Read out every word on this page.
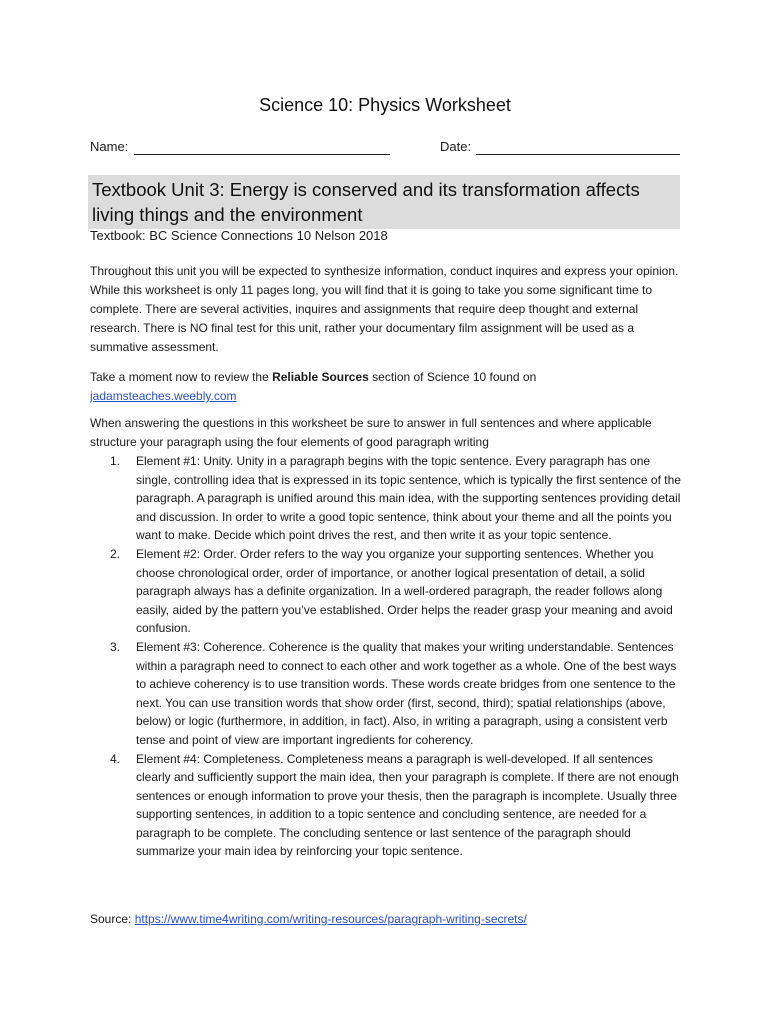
Science 10: Physics Worksheet
Name:	Date:
Textbook Unit 3: Energy is conserved and its transformation affects living things and the environment
Textbook: BC Science Connections 10 Nelson 2018
Throughout this unit you will be expected to synthesize information, conduct inquires and express your opinion. While this worksheet is only 11 pages long, you will find that it is going to take you some significant time to complete. There are several activities, inquires and assignments that require deep thought and external research. There is NO final test for this unit, rather your documentary film assignment will be used as a summative assessment.
Take a moment now to review the Reliable Sources section of Science 10 found on
jadamsteaches.weebly.com
When answering the questions in this worksheet be sure to answer in full sentences and where applicable structure your paragraph using the four elements of good paragraph writing
1. Element #1: Unity. Unity in a paragraph begins with the topic sentence. Every paragraph has one single, controlling idea that is expressed in its topic sentence, which is typically the first sentence of the paragraph. A paragraph is unified around this main idea, with the supporting sentences providing detail and discussion. In order to write a good topic sentence, think about your theme and all the points you want to make. Decide which point drives the rest, and then write it as your topic sentence.
2. Element #2: Order. Order refers to the way you organize your supporting sentences. Whether you choose chronological order, order of importance, or another logical presentation of detail, a solid paragraph always has a definite organization. In a well-ordered paragraph, the reader follows along easily, aided by the pattern you’ve established. Order helps the reader grasp your meaning and avoid confusion.
3. Element #3: Coherence. Coherence is the quality that makes your writing understandable. Sentences within a paragraph need to connect to each other and work together as a whole. One of the best ways to achieve coherency is to use transition words. These words create bridges from one sentence to the next. You can use transition words that show order (first, second, third); spatial relationships (above, below) or logic (furthermore, in addition, in fact). Also, in writing a paragraph, using a consistent verb tense and point of view are important ingredients for coherency.
4. Element #4: Completeness. Completeness means a paragraph is well-developed. If all sentences clearly and sufficiently support the main idea, then your paragraph is complete. If there are not enough sentences or enough information to prove your thesis, then the paragraph is incomplete. Usually three supporting sentences, in addition to a topic sentence and concluding sentence, are needed for a paragraph to be complete. The concluding sentence or last sentence of the paragraph should summarize your main idea by reinforcing your topic sentence.
Source: https://www.time4writing.com/writing-resources/paragraph-writing-secrets/
